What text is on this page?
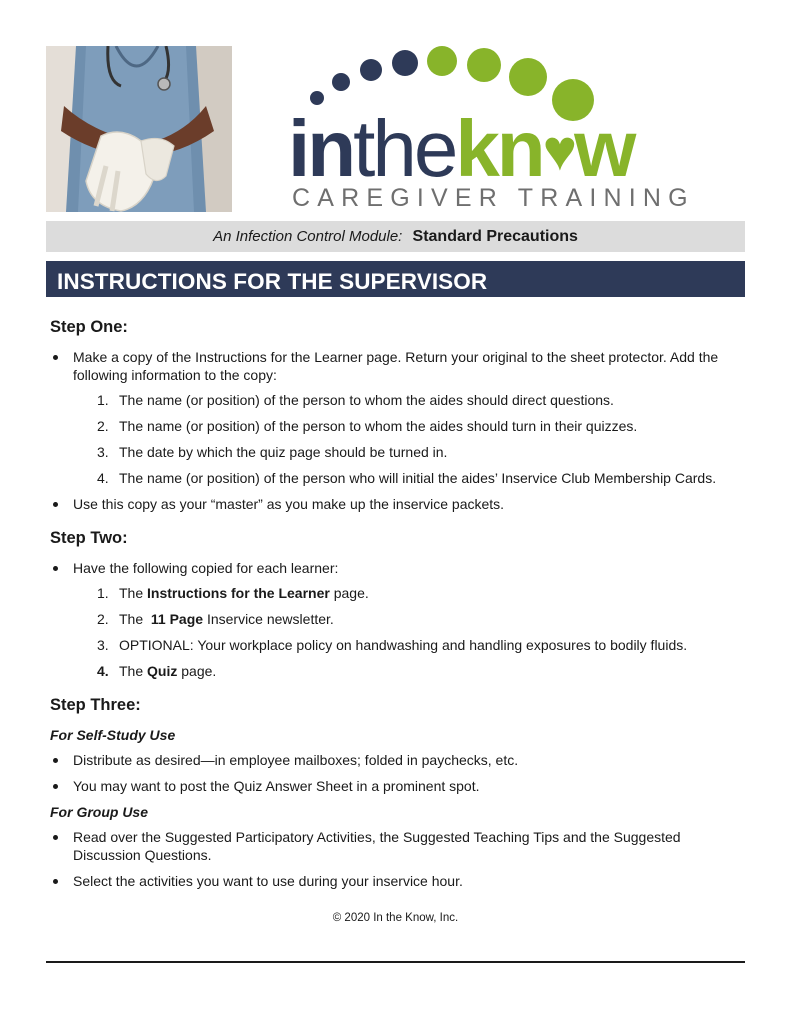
inthekn♥w
CAREGIVER TRAINING
An Infection Control Module: Standard Precautions
INSTRUCTIONS FOR THE SUPERVISOR
Step One:
Make a copy of the Instructions for the Learner page. Return your original to the sheet protector. Add the following information to the copy:
1. The name (or position) of the person to whom the aides should direct questions.
2. The name (or position) of the person to whom the aides should turn in their quizzes.
3. The date by which the quiz page should be turned in.
4. The name (or position) of the person who will initial the aides’ Inservice Club Membership Cards.
Use this copy as your “master” as you make up the inservice packets.
Step Two:
Have the following copied for each learner:
1. The Instructions for the Learner page.
2. The  11 Page Inservice newsletter.
3. OPTIONAL: Your workplace policy on handwashing and handling exposures to bodily fluids.
4. The Quiz page.
Step Three:
For Self-Study Use
Distribute as desired—in employee mailboxes; folded in paychecks, etc.
You may want to post the Quiz Answer Sheet in a prominent spot.
For Group Use
Read over the Suggested Participatory Activities, the Suggested Teaching Tips and the Suggested Discussion Questions.
Select the activities you want to use during your inservice hour.
© 2020 In the Know, Inc.
